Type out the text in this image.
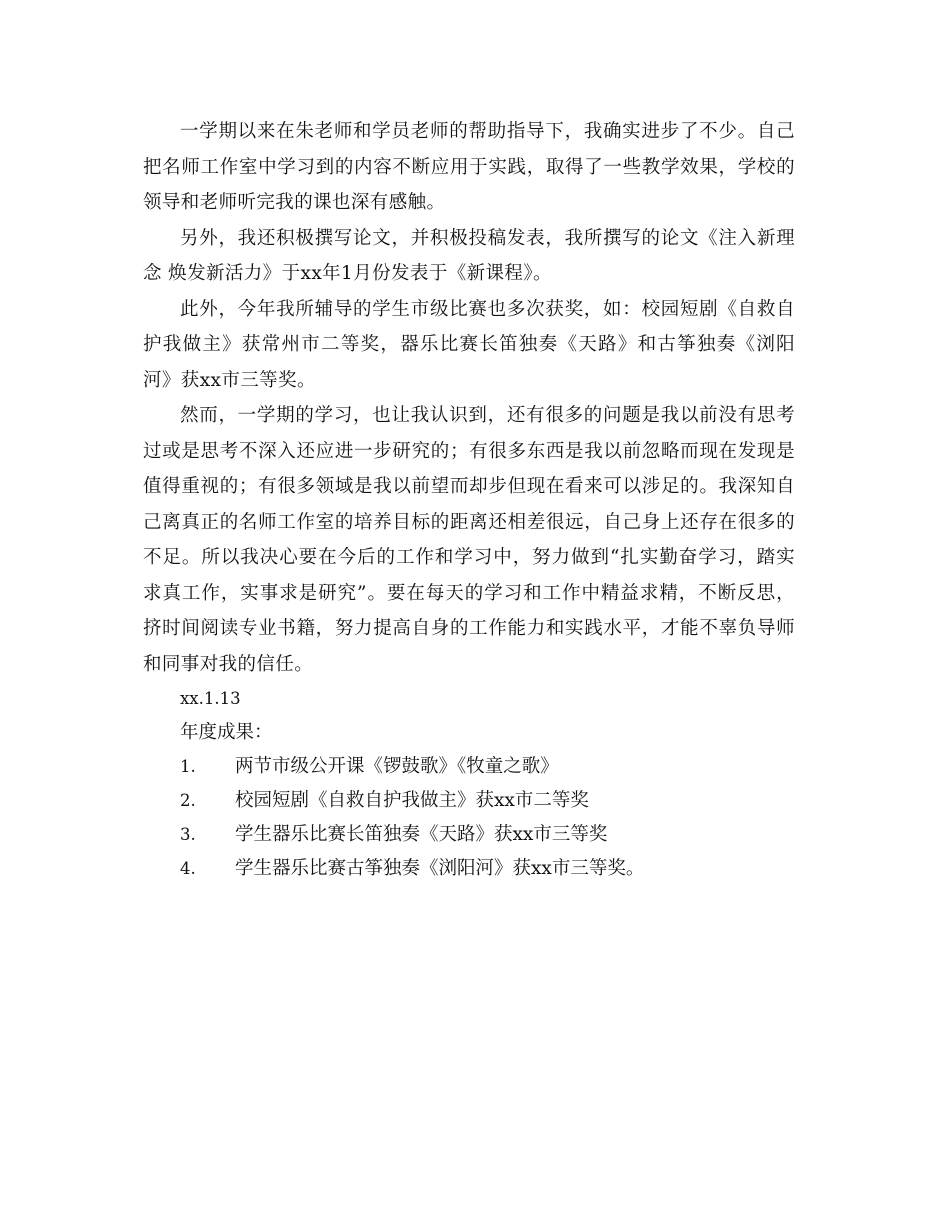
一学期以来在朱老师和学员老师的帮助指导下，我确实进步了不少。自己把名师工作室中学习到的内容不断应用于实践，取得了一些教学效果，学校的领导和老师听完我的课也深有感触。

另外，我还积极撰写论文，并积极投稿发表，我所撰写的论文《注入新理念 焕发新活力》于xx年1月份发表于《新课程》。

此外，今年我所辅导的学生市级比赛也多次获奖，如：校园短剧《自救自护我做主》获常州市二等奖，器乐比赛长笛独奏《天路》和古筝独奏《浏阳河》获xx市三等奖。

然而，一学期的学习，也让我认识到，还有很多的问题是我以前没有思考过或是思考不深入还应进一步研究的；有很多东西是我以前忽略而现在发现是值得重视的；有很多领域是我以前望而却步但现在看来可以涉足的。我深知自己离真正的名师工作室的培养目标的距离还相差很远，自己身上还存在很多的不足。所以我决心要在今后的工作和学习中，努力做到“扎实勤奋学习，踏实求真工作，实事求是研究”。要在每天的学习和工作中精益求精，不断反思，挤时间阅读专业书籍，努力提高自身的工作能力和实践水平，才能不辜负导师和同事对我的信任。

xx.1.13

年度成果：

1.	两节市级公开课《锣鼓歌》《牧童之歌》
2.	校园短剧《自救自护我做主》获xx市二等奖
3.	学生器乐比赛长笛独奏《天路》获xx市三等奖
4.	学生器乐比赛古筝独奏《浏阳河》获xx市三等奖。
